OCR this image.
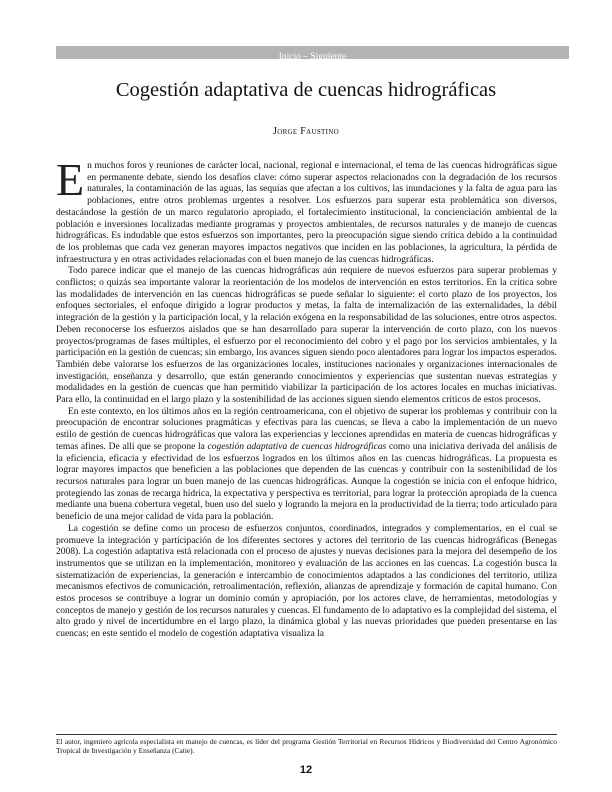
Inicio – Siguiente
Cogestión adaptativa de cuencas hidrográficas
Jorge Faustino

En muchos foros y reuniones de carácter local, nacional, regional e internacional, el tema de las cuencas hidrográficas sigue en permanente debate, siendo los desafíos clave: cómo superar aspectos relacionados con la degradación de los recursos naturales, la contaminación de las aguas, las sequías que afectan a los cultivos, las inundaciones y la falta de agua para las poblaciones, entre otros problemas urgentes a resolver. Los esfuerzos para superar esta problemática son diversos, destacándose la gestión de un marco regulatorio apropiado, el fortalecimiento institucional, la concienciación ambiental de la población e inversiones localizadas mediante programas y proyectos ambientales, de recursos naturales y de manejo de cuencas hidrográficas. Es indudable que estos esfuerzos son importantes, pero la preocupación sigue siendo crítica debido a la continuidad de los problemas que cada vez generan mayores impactos negativos que inciden en las poblaciones, la agricultura, la pérdida de infraestructura y en otras actividades relacionadas con el buen manejo de las cuencas hidrográficas.

Todo parece indicar que el manejo de las cuencas hidrográficas aún requiere de nuevos esfuerzos para superar problemas y conflictos; o quizás sea importante valorar la reorientación de los modelos de intervención en estos territorios. En la crítica sobre las modalidades de intervención en las cuencas hidrográficas se puede señalar lo siguiente: el corto plazo de los proyectos, los enfoques sectoriales, el enfoque dirigido a lograr productos y metas, la falta de internalización de las externalidades, la débil integración de la gestión y la participación local, y la relación exógena en la responsabilidad de las soluciones, entre otros aspectos. Deben reconocerse los esfuerzos aislados que se han desarrollado para superar la intervención de corto plazo, con los nuevos proyectos/programas de fases múltiples, el esfuerzo por el reconocimiento del cobro y el pago por los servicios ambientales, y la participación en la gestión de cuencas; sin embargo, los avances siguen siendo poco alentadores para lograr los impactos esperados. También debe valorarse los esfuerzos de las organizaciones locales, instituciones nacionales y organizaciones internacionales de investigación, enseñanza y desarrollo, que están generando conocimientos y experiencias que sustentan nuevas estrategias y modalidades en la gestión de cuencas que han permitido viabilizar la participación de los actores locales en muchas iniciativas. Para ello, la continuidad en el largo plazo y la sostenibilidad de las acciones siguen siendo elementos críticos de estos procesos.

En este contexto, en los últimos años en la región centroamericana, con el objetivo de superar los problemas y contribuir con la preocupación de encontrar soluciones pragmáticas y efectivas para las cuencas, se lleva a cabo la implementación de un nuevo estilo de gestión de cuencas hidrográficas que valora las experiencias y lecciones aprendidas en materia de cuencas hidrográficas y temas afines. De allí que se propone la cogestión adaptativa de cuencas hidrográficas como una iniciativa derivada del análisis de la eficiencia, eficacia y efectividad de los esfuerzos logrados en los últimos años en las cuencas hidrográficas. La propuesta es lograr mayores impactos que beneficien a las poblaciones que dependen de las cuencas y contribuir con la sostenibilidad de los recursos naturales para lograr un buen manejo de las cuencas hidrográficas. Aunque la cogestión se inicia con el enfoque hídrico, protegiendo las zonas de recarga hídrica, la expectativa y perspectiva es territorial, para lograr la protección apropiada de la cuenca mediante una buena cobertura vegetal, buen uso del suelo y logrando la mejora en la productividad de la tierra; todo articulado para beneficio de una mejor calidad de vida para la población.

La cogestión se define como un proceso de esfuerzos conjuntos, coordinados, integrados y complementarios, en el cual se promueve la integración y participación de los diferentes sectores y actores del territorio de las cuencas hidrográficas (Benegas 2008). La cogestión adaptativa está relacionada con el proceso de ajustes y nuevas decisiones para la mejora del desempeño de los instrumentos que se utilizan en la implementación, monitoreo y evaluación de las acciones en las cuencas. La cogestión busca la sistematización de experiencias, la generación e intercambio de conocimientos adaptados a las condiciones del territorio, utiliza mecanismos efectivos de comunicación, retroalimentación, reflexión, alianzas de aprendizaje y formación de capital humano. Con estos procesos se contribuye a lograr un dominio común y apropiación, por los actores clave, de herramientas, metodologías y conceptos de manejo y gestión de los recursos naturales y cuencas. El fundamento de lo adaptativo es la complejidad del sistema, el alto grado y nivel de incertidumbre en el largo plazo, la dinámica global y las nuevas prioridades que pueden presentarse en las cuencas; en este sentido el modelo de cogestión adaptativa visualiza la

El autor, ingeniero agrícola especialista en manejo de cuencas, es líder del programa Gestión Territorial en Recursos Hídricos y Biodiversidad del Centro Agronómico Tropical de Investigación y Enseñanza (Catie).

12
